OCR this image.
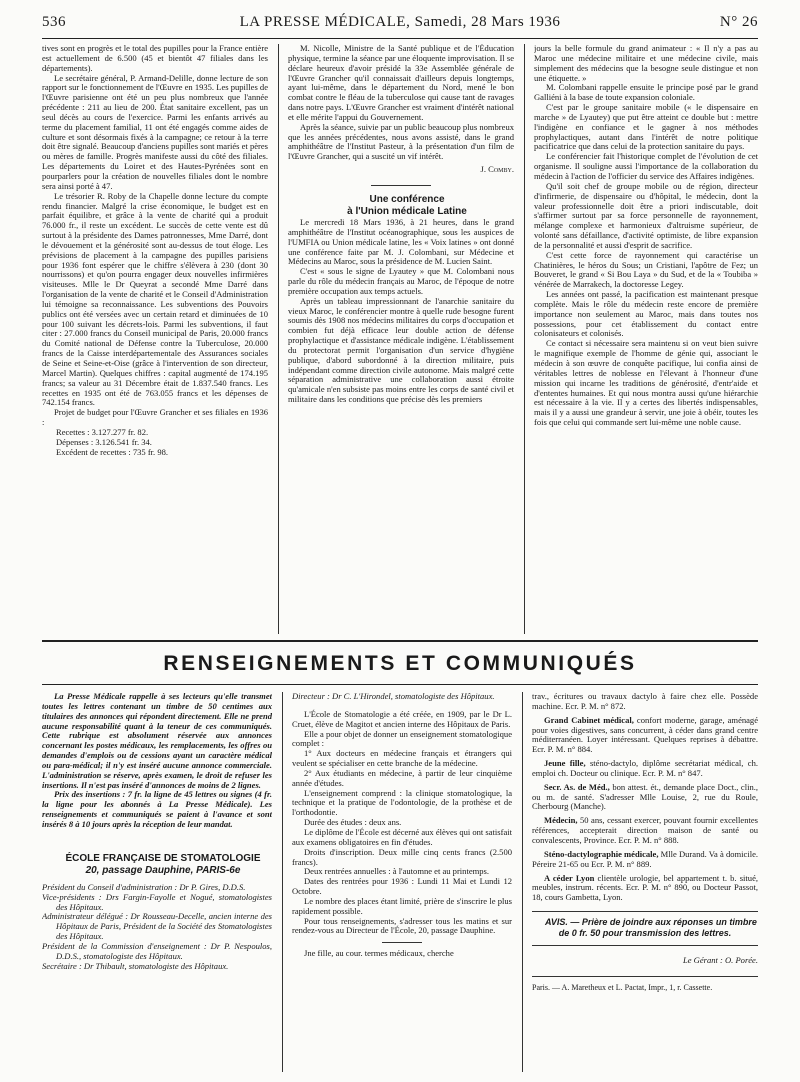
536	LA PRESSE MÉDICALE, Samedi, 28 Mars 1936	N° 26

tives sont en progrès et le total des pupilles pour la France entière est actuellement de 6.500 (45 et bientôt 47 filiales dans les départements).

Le secrétaire général, P. Armand-Delille, donne lecture de son rapport sur le fonctionnement de l'Œuvre en 1935. Les pupilles de l'Œuvre parisienne ont été un peu plus nombreux que l'année précédente : 211 au lieu de 200. État sanitaire excellent, pas un seul décès au cours de l'exercice. Parmi les enfants arrivés au terme du placement familial, 11 ont été engagés comme aides de culture et sont désormais fixés à la campagne; ce retour à la terre doit être signalé. Beaucoup d'anciens pupilles sont mariés et pères ou mères de famille. Progrès manifeste aussi du côté des filiales. Les départements du Loiret et des Hautes-Pyrénées sont en pourparlers pour la création de nouvelles filiales dont le nombre sera ainsi porté à 47.

Le trésorier R. Roby de la Chapelle donne lecture du compte rendu financier. Malgré la crise économique, le budget est en parfait équilibre, et grâce à la vente de charité qui a produit 76.000 fr., il reste un excédent. Le succès de cette vente est dû surtout à la présidente des Dames patronnesses, Mme Darré, dont le dévouement et la générosité sont au-dessus de tout éloge. Les prévisions de placement à la campagne des pupilles parisiens pour 1936 font espérer que le chiffre s'élèvera à 230 (dont 30 nourrissons) et qu'on pourra engager deux nouvelles infirmières visiteuses. Mlle le Dr Queyrat a secondé Mme Darré dans l'organisation de la vente de charité et le Conseil d'Administration lui témoigne sa reconnaissance. Les subventions des Pouvoirs publics ont été versées avec un certain retard et diminuées de 10 pour 100 suivant les décrets-lois. Parmi les subventions, il faut citer : 27.000 francs du Conseil municipal de Paris, 20.000 francs du Comité national de Défense contre la Tuberculose, 20.000 francs de la Caisse interdépartementale des Assurances sociales de Seine et Seine-et-Oise (grâce à l'intervention de son directeur, Marcel Martin). Quelques chiffres : capital augmenté de 174.195 francs; sa valeur au 31 Décembre était de 1.837.540 francs. Les recettes en 1935 ont été de 763.055 francs et les dépenses de 742.154 francs.

Projet de budget pour l'Œuvre Grancher et ses filiales en 1936 :

Recettes : 3.127.277 fr. 82.

Dépenses : 3.126.541 fr. 34.

Excédent de recettes : 735 fr. 98.

M. Nicolle, Ministre de la Santé publique et de l'Éducation physique, termine la séance par une éloquente improvisation. Il se déclare heureux d'avoir présidé la 33e Assemblée générale de l'Œuvre Grancher qu'il connaissait d'ailleurs depuis longtemps, ayant lui-même, dans le département du Nord, mené le bon combat contre le fléau de la tuberculose qui cause tant de ravages dans notre pays. L'Œuvre Grancher est vraiment d'intérêt national et elle mérite l'appui du Gouvernement.

Après la séance, suivie par un public beaucoup plus nombreux que les années précédentes, nous avons assisté, dans le grand amphithéâtre de l'Institut Pasteur, à la présentation d'un film de l'Œuvre Grancher, qui a suscité un vif intérêt.

J. Comby.

Une conférence

à l'Union médicale Latine

Le mercredi 18 Mars 1936, à 21 heures, dans le grand amphithéâtre de l'Institut océanographique, sous les auspices de l'UMFIA ou Union médicale latine, les « Voix latines » ont donné une conférence faite par M. J. Colombani, sur Médecine et Médecins au Maroc, sous la présidence de M. Lucien Saint.

C'est « sous le signe de Lyautey » que M. Colombani nous parle du rôle du médecin français au Maroc, de l'époque de notre première occupation aux temps actuels.

Après un tableau impressionnant de l'anarchie sanitaire du vieux Maroc, le conférencier montre à quelle rude besogne furent soumis dès 1908 nos médecins militaires du corps d'occupation et combien fut déjà efficace leur double action de défense prophylactique et d'assistance médicale indigène. L'établissement du protectorat permit l'organisation d'un service d'hygiène publique, d'abord subordonné à la direction militaire, puis indépendant comme direction civile autonome. Mais malgré cette séparation administrative une collaboration aussi étroite qu'amicale n'en subsiste pas moins entre les corps de santé civil et militaire dans les conditions que précise dès les premiers

jours la belle formule du grand animateur : « Il n'y a pas au Maroc une médecine militaire et une médecine civile, mais simplement des médecins que la besogne seule distingue et non une étiquette. »

M. Colombani rappelle ensuite le principe posé par le grand Galliéni à la base de toute expansion coloniale.

C'est par le groupe sanitaire mobile (« le dispensaire en marche » de Lyautey) que put être atteint ce double but : mettre l'indigène en confiance et le gagner à nos méthodes prophylactiques, autant dans l'intérêt de notre politique pacificatrice que dans celui de la protection sanitaire du pays.

Le conférencier fait l'historique complet de l'évolution de cet organisme. Il souligne aussi l'importance de la collaboration du médecin à l'action de l'officier du service des Affaires indigènes.

Qu'il soit chef de groupe mobile ou de région, directeur d'infirmerie, de dispensaire ou d'hôpital, le médecin, dont la valeur professionnelle doit être a priori indiscutable, doit s'affirmer surtout par sa force personnelle de rayonnement, mélange complexe et harmonieux d'altruisme supérieur, de volonté sans défaillance, d'activité optimiste, de libre expansion de la personnalité et aussi d'esprit de sacrifice.

C'est cette force de rayonnement qui caractérise un Chatinières, le héros du Sous; un Cristiani, l'apôtre de Fez; un Bouveret, le grand « Si Bou Laya » du Sud, et de la « Toubiba » vénérée de Marrakech, la doctoresse Legey.

Les années ont passé, la pacification est maintenant presque complète. Mais le rôle du médecin reste encore de première importance non seulement au Maroc, mais dans toutes nos possessions, pour cet établissement du contact entre colonisateurs et colonisés.

Ce contact si nécessaire sera maintenu si on veut bien suivre le magnifique exemple de l'homme de génie qui, associant le médecin à son œuvre de conquête pacifique, lui confia ainsi de véritables lettres de noblesse en l'élevant à l'honneur d'une mission qui incarne les traditions de générosité, d'entr'aide et d'ententes humaines. Et qui nous montra aussi qu'une hiérarchie est nécessaire à la vie. Il y a certes des libertés indispensables, mais il y a aussi une grandeur à servir, une joie à obéir, toutes les fois que celui qui commande sert lui-même une noble cause.

RENSEIGNEMENTS ET COMMUNIQUÉS

La Presse Médicale rappelle à ses lecteurs qu'elle transmet toutes les lettres contenant un timbre de 50 centimes aux titulaires des annonces qui répondent directement. Elle ne prend aucune responsabilité quant à la teneur de ces communiqués. Cette rubrique est absolument réservée aux annonces concernant les postes médicaux, les remplacements, les offres ou demandes d'emplois ou de cessions ayant un caractère médical ou para-médical; il n'y est inséré aucune annonce commerciale. L'administration se réserve, après examen, le droit de refuser les insertions. Il n'est pas inséré d'annonces de moins de 2 lignes.

Prix des insertions : 7 fr. la ligne de 45 lettres ou signes (4 fr. la ligne pour les abonnés à La Presse Médicale). Les renseignements et communiqués se paient à l'avance et sont insérés 8 à 10 jours après la réception de leur mandat.

ÉCOLE FRANÇAISE DE STOMATOLOGIE

20, passage Dauphine, PARIS-6e

Président du Conseil d'administration : Dr P. Gires, D.D.S.

Vice-présidents : Drs Fargin-Fayolle et Nogué, stomatologistes des Hôpitaux.

Administrateur délégué : Dr Rousseau-Decelle, ancien interne des Hôpitaux de Paris, Président de la Société des Stomatologistes des Hôpitaux.

Président de la Commission d'enseignement : Dr P. Nespoulos, D.D.S., stomatologiste des Hôpitaux.

Secrétaire : Dr Thibault, stomatologiste des Hôpitaux.

Directeur : Dr C. L'Hirondel, stomatologiste des Hôpitaux.

L'École de Stomatologie a été créée, en 1909, par le Dr L. Cruet, élève de Magitot et ancien interne des Hôpitaux de Paris.

Elle a pour objet de donner un enseignement stomatologique complet :

1° Aux docteurs en médecine français et étrangers qui veulent se spécialiser en cette branche de la médecine.

2° Aux étudiants en médecine, à partir de leur cinquième année d'études.

L'enseignement comprend : la clinique stomatologique, la technique et la pratique de l'odontologie, de la prothèse et de l'orthodontie.

Durée des études : deux ans.

Le diplôme de l'École est décerné aux élèves qui ont satisfait aux examens obligatoires en fin d'études.

Droits d'inscription. Deux mille cinq cents francs (2.500 francs).

Deux rentrées annuelles : à l'automne et au printemps.

Dates des rentrées pour 1936 : Lundi 11 Mai et Lundi 12 Octobre.

Le nombre des places étant limité, prière de s'inscrire le plus rapidement possible.

Pour tous renseignements, s'adresser tous les matins et sur rendez-vous au Directeur de l'École, 20, passage Dauphine.

Jne fille, au cour. termes médicaux, cherche

trav., écritures ou travaux dactylo à faire chez elle. Possède machine. Ecr. P. M. n° 872.

Grand Cabinet médical, confort moderne, garage, aménagé pour voies digestives, sans concurrent, à céder dans grand centre méditerranéen. Loyer intéressant. Quelques reprises à débattre. Ecr. P. M. n° 884.

Jeune fille, sténo-dactylo, diplôme secrétariat médical, ch. emploi ch. Docteur ou clinique. Ecr. P. M. n° 847.

Secr. As. de Méd., bon attest. ét., demande place Doct., clin., ou m. de santé. S'adresser Mlle Louise, 2, rue du Roule, Cherbourg (Manche).

Médecin, 50 ans, cessant exercer, pouvant fournir excellentes références, accepterait direction maison de santé ou convalescents, Province. Ecr. P. M. n° 888.

Sténo-dactylographie médicale, Mlle Durand. Va à domicile. Péreire 21-65 ou Ecr. P. M. n° 889.

A céder Lyon clientèle urologie, bel appartement t. b. situé, meubles, instrum. récents. Ecr. P. M. n° 890, ou Docteur Passot, 18, cours Gambetta, Lyon.

AVIS. — Prière de joindre aux réponses un timbre de 0 fr. 50 pour transmission des lettres.

Le Gérant : O. Porée.

Paris. — A. Maretheux et L. Pactat, Impr., 1, r. Cassette.
